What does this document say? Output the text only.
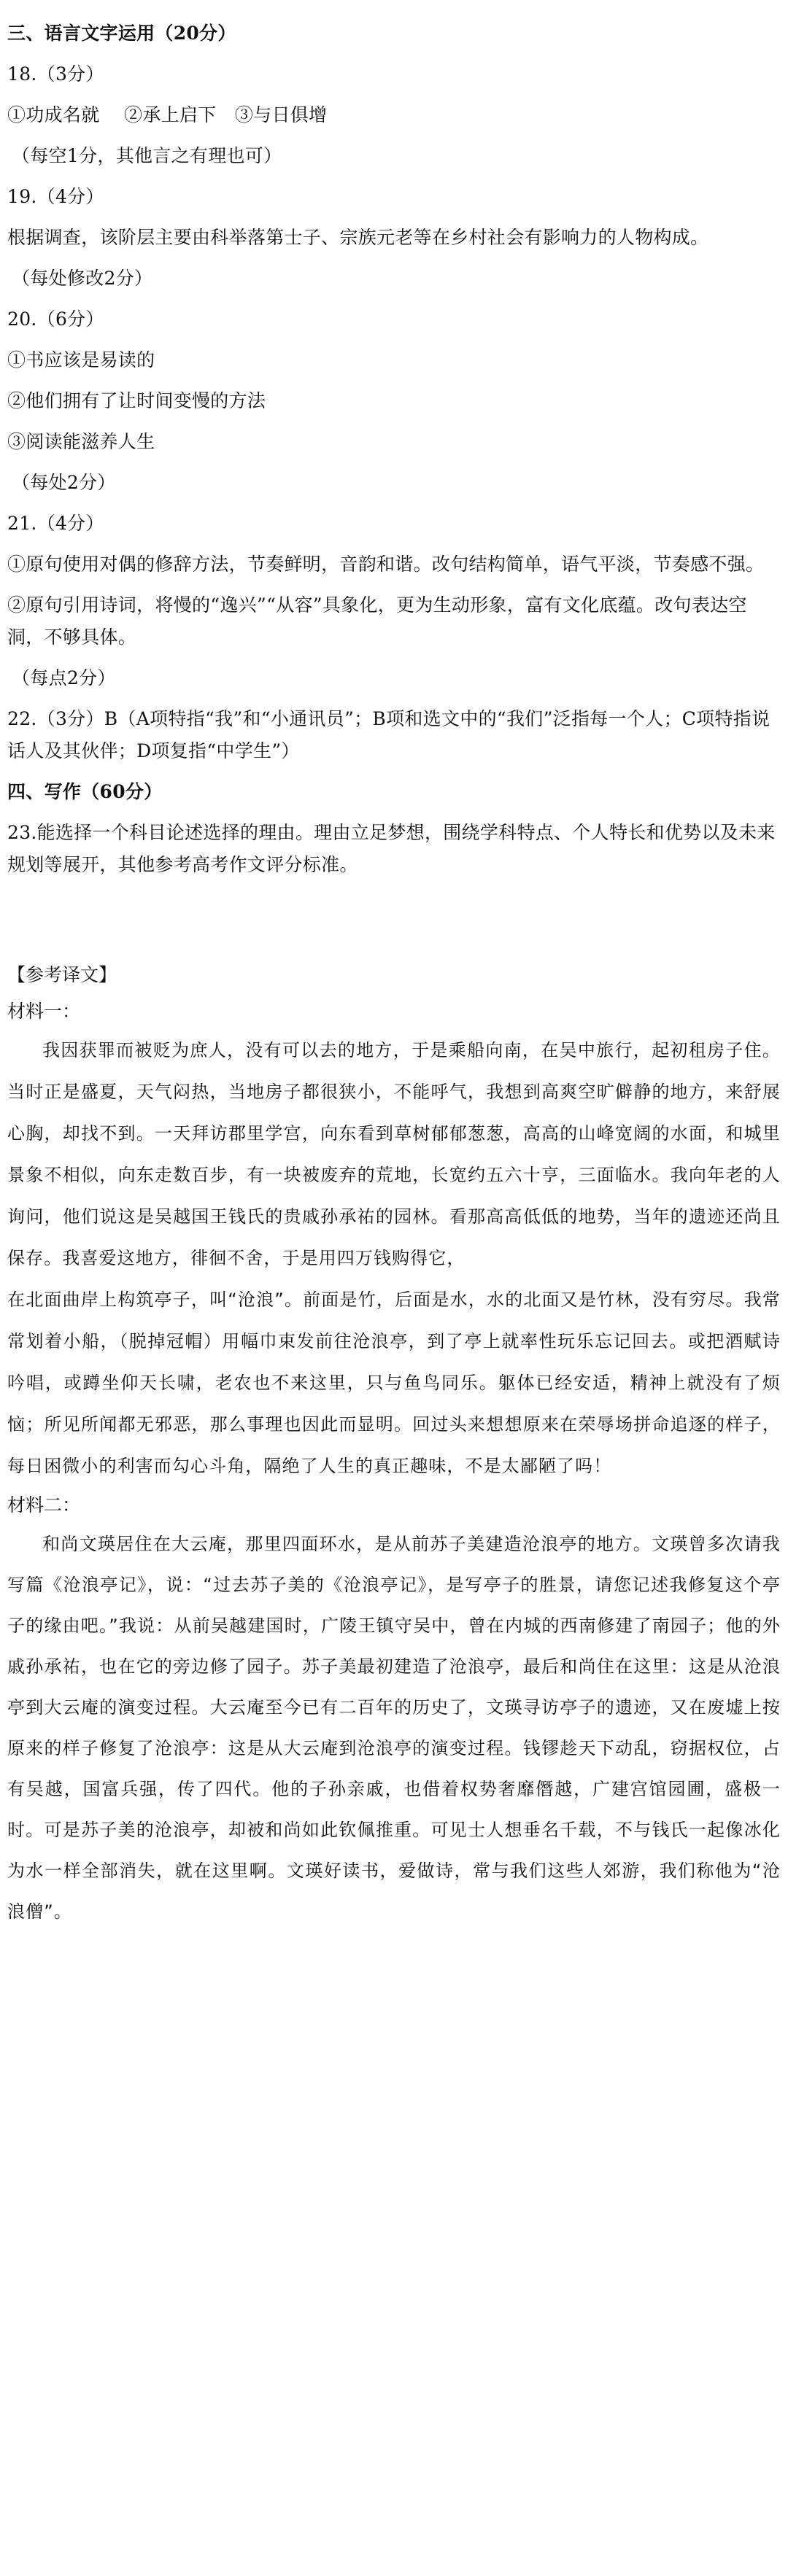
三、语言文字运用（20分）

18.（3分）

①功成名就　 ②承上启下　③与日俱增

（每空1分，其他言之有理也可）

19.（4分）

根据调查，该阶层主要由科举落第士子、宗族元老等在乡村社会有影响力的人物构成。

（每处修改2分）

20.（6分）

①书应该是易读的

②他们拥有了让时间变慢的方法

③阅读能滋养人生

（每处2分）

21.（4分）

①原句使用对偶的修辞方法，节奏鲜明，音韵和谐。改句结构简单，语气平淡，节奏感不强。

②原句引用诗词，将慢的“逸兴”“从容”具象化，更为生动形象，富有文化底蕴。改句表达空洞，不够具体。

（每点2分）

22.（3分）B（A项特指“我”和“小通讯员”；B项和选文中的“我们”泛指每一个人；C项特指说话人及其伙伴；D项复指“中学生”）

四、写作（60分）

23.能选择一个科目论述选择的理由。理由立足梦想，围绕学科特点、个人特长和优势以及未来规划等展开，其他参考高考作文评分标准。

【参考译文】

材料一：

我因获罪而被贬为庶人，没有可以去的地方，于是乘船向南，在吴中旅行，起初租房子住。当时正是盛夏，天气闷热，当地房子都很狭小，不能呼气，我想到高爽空旷僻静的地方，来舒展心胸，却找不到。一天拜访郡里学宫，向东看到草树郁郁葱葱，高高的山峰宽阔的水面，和城里景象不相似，向东走数百步，有一块被废弃的荒地，长宽约五六十亨，三面临水。我向年老的人询问，他们说这是吴越国王钱氏的贵戚孙承祐的园林。看那高高低低的地势，当年的遗迹还尚且保存。我喜爱这地方，徘徊不舍，于是用四万钱购得它，

在北面曲岸上构筑亭子，叫“沧浪”。前面是竹，后面是水，水的北面又是竹林，没有穷尽。我常常划着小船，（脱掉冠帽）用幅巾束发前往沧浪亭，到了亭上就率性玩乐忘记回去。或把酒赋诗吟唱，或蹲坐仰天长啸，老农也不来这里，只与鱼鸟同乐。躯体已经安适，精神上就没有了烦恼；所见所闻都无邪恶，那么事理也因此而显明。回过头来想想原来在荣辱场拼命追逐的样子，每日困微小的利害而勾心斗角，隔绝了人生的真正趣味，不是太鄙陋了吗！

材料二：

和尚文瑛居住在大云庵，那里四面环水，是从前苏子美建造沧浪亭的地方。文瑛曾多次请我写篇《沧浪亭记》，说：“过去苏子美的《沧浪亭记》，是写亭子的胜景，请您记述我修复这个亭子的缘由吧。”我说：从前吴越建国时，广陵王镇守吴中，曾在内城的西南修建了南园子；他的外戚孙承祐，也在它的旁边修了园子。苏子美最初建造了沧浪亭，最后和尚住在这里：这是从沧浪亭到大云庵的演变过程。大云庵至今已有二百年的历史了，文瑛寻访亭子的遗迹，又在废墟上按原来的样子修复了沧浪亭：这是从大云庵到沧浪亭的演变过程。钱镠趁天下动乱，窃据权位，占有吴越，国富兵强，传了四代。他的子孙亲戚，也借着权势奢靡僭越，广建宫馆园圃，盛极一时。可是苏子美的沧浪亭，却被和尚如此钦佩推重。可见士人想垂名千载，不与钱氏一起像冰化为水一样全部消失，就在这里啊。文瑛好读书，爱做诗，常与我们这些人郊游，我们称他为“沧浪僧”。
